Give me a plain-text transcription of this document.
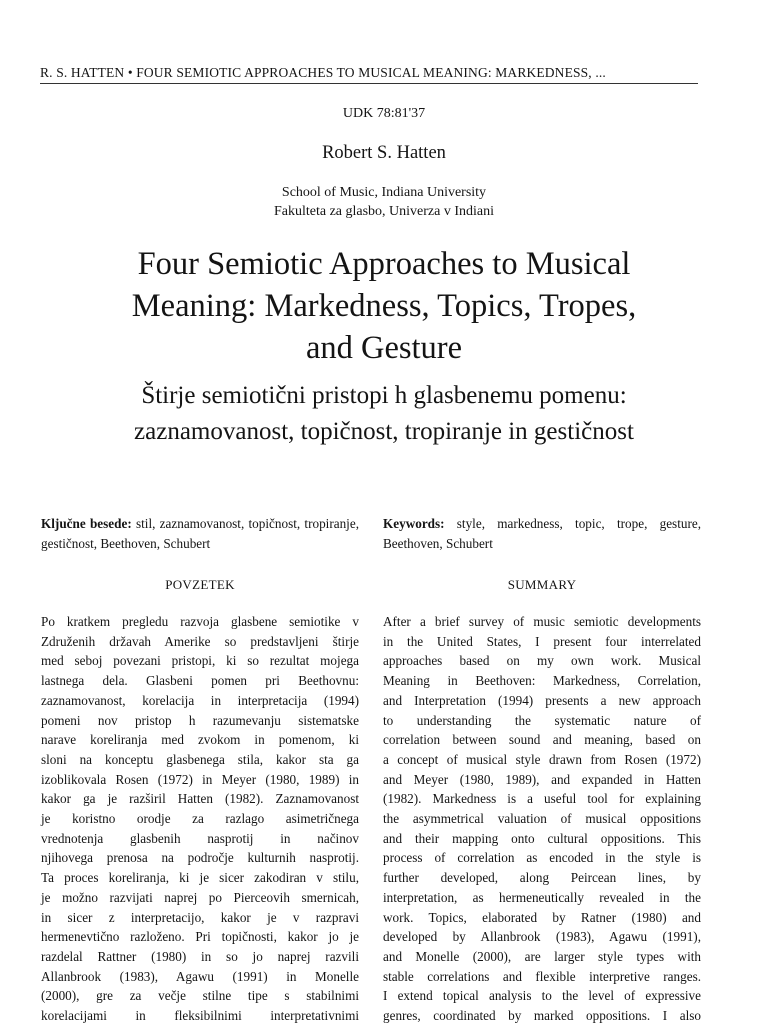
R. S. HATTEN • FOUR SEMIOTIC APPROACHES TO MUSICAL MEANING: MARKEDNESS, ...
UDK 78:81'37
Robert S. Hatten
School of Music, Indiana University
Fakulteta za glasbo, Univerza v Indiani
Four Semiotic Approaches to Musical
Meaning: Markedness, Topics, Tropes,
and Gesture
Štirje semiotični pristopi h glasbenemu pomenu:
zaznamovanost, topičnost, tropiranje in gestičnost
Ključne besede: stil, zaznamovanost, topičnost, tropiranje, gestičnost, Beethoven, Schubert
POVZETEK
Po kratkem pregledu razvoja glasbene semiotike v
Združenih državah Amerike so predstavljeni štirje
med seboj povezani pristopi, ki so rezultat mojega
lastnega dela. Glasbeni pomen pri Beethovnu:
zaznamovanost, korelacija in interpretacija (1994)
pomeni nov pristop h razumevanju sistematske
narave koreliranja med zvokom in pomenom, ki
sloni na konceptu glasbenega stila, kakor sta ga
izoblikovala Rosen (1972) in Meyer (1980, 1989) in
kakor ga je razširil Hatten (1982). Zaznamovanost
je koristno orodje za razlago asimetričnega
vrednotenja glasbenih nasprotij in načinov
njihovega prenosa na področje kulturnih nasprotij.
Ta proces koreliranja, ki je sicer zakodiran v stilu,
je možno razvijati naprej po Pierceovih smernicah,
in sicer z interpretacijo, kakor je v razpravi
hermenevtično razloženo. Pri topičnosti, kakor jo je
razdelal Rattner (1980) in so jo naprej razvili
Allanbrook (1983), Agawu (1991) in Monelle
(2000), gre za večje stilne tipe s stabilnimi
korelacijami in fleksibilnimi interpretativnimi
Keywords: style, markedness, topic, trope, gesture, Beethoven, Schubert
SUMMARY
After a brief survey of music semiotic developments
in the United States, I present four interrelated
approaches based on my own work. Musical
Meaning in Beethoven: Markedness, Correlation,
and Interpretation (1994) presents a new approach
to understanding the systematic nature of
correlation between sound and meaning, based on
a concept of musical style drawn from Rosen (1972)
and Meyer (1980, 1989), and expanded in Hatten
(1982). Markedness is a useful tool for explaining
the asymmetrical valuation of musical oppositions
and their mapping onto cultural oppositions. This
process of correlation as encoded in the style is
further developed, along Peircean lines, by
interpretation, as hermeneutically revealed in the
work. Topics, elaborated by Ratner (1980) and
developed by Allanbrook (1983), Agawu (1991),
and Monelle (2000), are larger style types with
stable correlations and flexible interpretive ranges.
I extend topical analysis to the level of expressive
genres, coordinated by marked oppositions. I also
